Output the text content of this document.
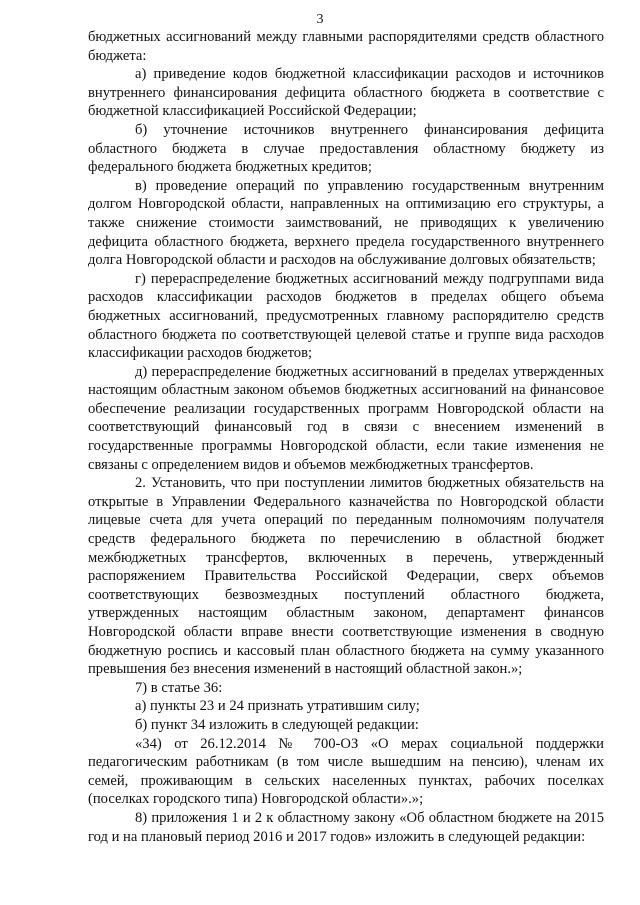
3

бюджетных ассигнований между главными распорядителями средств областного бюджета:

а) приведение кодов бюджетной классификации расходов и источников внутреннего финансирования дефицита областного бюджета в соответствие с бюджетной классификацией Российской Федерации;

б) уточнение источников внутреннего финансирования дефицита областного бюджета в случае предоставления областному бюджету из федерального бюджета бюджетных кредитов;

в) проведение операций по управлению государственным внутренним долгом Новгородской области, направленных на оптимизацию его структуры, а также снижение стоимости заимствований, не приводящих к увеличению дефицита областного бюджета, верхнего предела государственного внутреннего долга Новгородской области и расходов на обслуживание долговых обязательств;

г) перераспределение бюджетных ассигнований между подгруппами вида расходов классификации расходов бюджетов в пределах общего объема бюджетных ассигнований, предусмотренных главному распорядителю средств областного бюджета по соответствующей целевой статье и группе вида расходов классификации расходов бюджетов;

д) перераспределение бюджетных ассигнований в пределах утвержденных настоящим областным законом объемов бюджетных ассигнований на финансовое обеспечение реализации государственных программ Новгородской области на соответствующий финансовый год в связи с внесением изменений в государственные программы Новгородской области, если такие изменения не связаны с определением видов и объемов межбюджетных трансфертов.

2. Установить, что при поступлении лимитов бюджетных обязательств на открытые в Управлении Федерального казначейства по Новгородской области лицевые счета для учета операций по переданным полномочиям получателя средств федерального бюджета по перечислению в областной бюджет межбюджетных трансфертов, включенных в перечень, утвержденный распоряжением Правительства Российской Федерации, сверх объемов соответствующих безвозмездных поступлений областного бюджета, утвержденных настоящим областным законом, департамент финансов Новгородской области вправе внести соответствующие изменения в сводную бюджетную роспись и кассовый план областного бюджета на сумму указанного превышения без внесения изменений в настоящий областной закон.»;

7) в статье 36:

а) пункты 23 и 24 признать утратившим силу;

б) пункт 34 изложить в следующей редакции:

«34) от 26.12.2014 № 700-ОЗ «О мерах социальной поддержки педагогическим работникам (в том числе вышедшим на пенсию), членам их семей, проживающим в сельских населенных пунктах, рабочих поселках (поселках городского типа) Новгородской области».»;

8) приложения 1 и 2 к областному закону «Об областном бюджете на 2015 год и на плановый период 2016 и 2017 годов» изложить в следующей редакции:
